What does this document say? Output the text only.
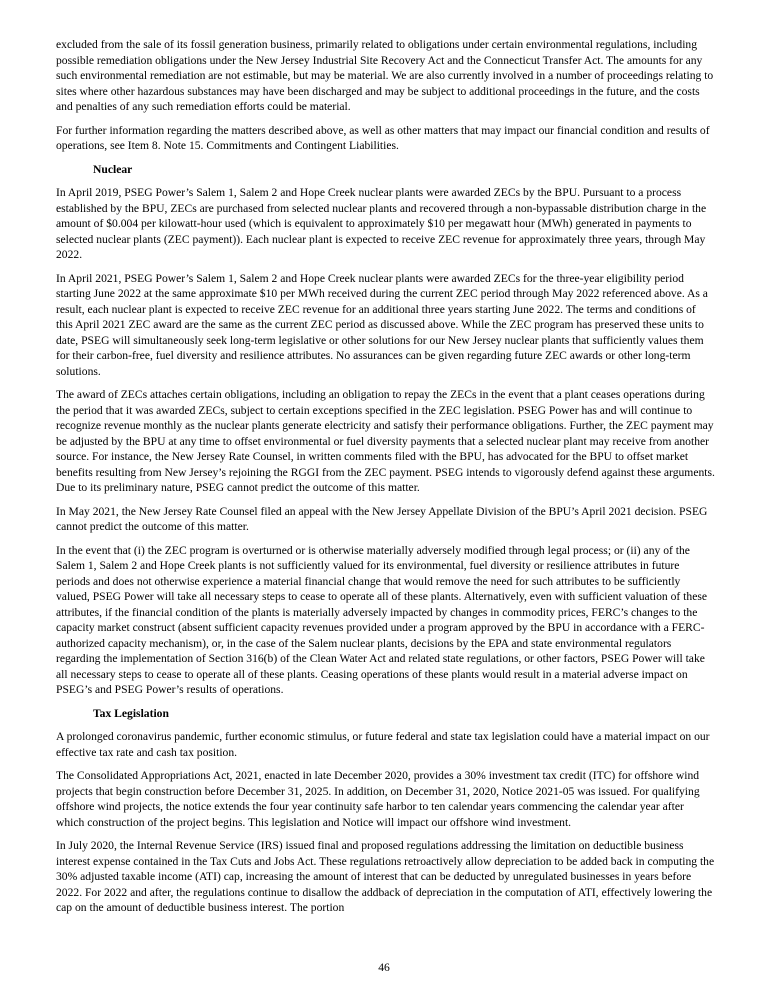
excluded from the sale of its fossil generation business, primarily related to obligations under certain environmental regulations, including possible remediation obligations under the New Jersey Industrial Site Recovery Act and the Connecticut Transfer Act. The amounts for any such environmental remediation are not estimable, but may be material. We are also currently involved in a number of proceedings relating to sites where other hazardous substances may have been discharged and may be subject to additional proceedings in the future, and the costs and penalties of any such remediation efforts could be material.

For further information regarding the matters described above, as well as other matters that may impact our financial condition and results of operations, see Item 8. Note 15. Commitments and Contingent Liabilities.

Nuclear

In April 2019, PSEG Power’s Salem 1, Salem 2 and Hope Creek nuclear plants were awarded ZECs by the BPU. Pursuant to a process established by the BPU, ZECs are purchased from selected nuclear plants and recovered through a non-bypassable distribution charge in the amount of $0.004 per kilowatt-hour used (which is equivalent to approximately $10 per megawatt hour (MWh) generated in payments to selected nuclear plants (ZEC payment)). Each nuclear plant is expected to receive ZEC revenue for approximately three years, through May 2022.

In April 2021, PSEG Power’s Salem 1, Salem 2 and Hope Creek nuclear plants were awarded ZECs for the three-year eligibility period starting June 2022 at the same approximate $10 per MWh received during the current ZEC period through May 2022 referenced above. As a result, each nuclear plant is expected to receive ZEC revenue for an additional three years starting June 2022. The terms and conditions of this April 2021 ZEC award are the same as the current ZEC period as discussed above. While the ZEC program has preserved these units to date, PSEG will simultaneously seek long-term legislative or other solutions for our New Jersey nuclear plants that sufficiently values them for their carbon-free, fuel diversity and resilience attributes. No assurances can be given regarding future ZEC awards or other long-term solutions.

The award of ZECs attaches certain obligations, including an obligation to repay the ZECs in the event that a plant ceases operations during the period that it was awarded ZECs, subject to certain exceptions specified in the ZEC legislation. PSEG Power has and will continue to recognize revenue monthly as the nuclear plants generate electricity and satisfy their performance obligations. Further, the ZEC payment may be adjusted by the BPU at any time to offset environmental or fuel diversity payments that a selected nuclear plant may receive from another source. For instance, the New Jersey Rate Counsel, in written comments filed with the BPU, has advocated for the BPU to offset market benefits resulting from New Jersey’s rejoining the RGGI from the ZEC payment. PSEG intends to vigorously defend against these arguments. Due to its preliminary nature, PSEG cannot predict the outcome of this matter.

In May 2021, the New Jersey Rate Counsel filed an appeal with the New Jersey Appellate Division of the BPU’s April 2021 decision. PSEG cannot predict the outcome of this matter.

In the event that (i) the ZEC program is overturned or is otherwise materially adversely modified through legal process; or (ii) any of the Salem 1, Salem 2 and Hope Creek plants is not sufficiently valued for its environmental, fuel diversity or resilience attributes in future periods and does not otherwise experience a material financial change that would remove the need for such attributes to be sufficiently valued, PSEG Power will take all necessary steps to cease to operate all of these plants. Alternatively, even with sufficient valuation of these attributes, if the financial condition of the plants is materially adversely impacted by changes in commodity prices, FERC’s changes to the capacity market construct (absent sufficient capacity revenues provided under a program approved by the BPU in accordance with a FERC-authorized capacity mechanism), or, in the case of the Salem nuclear plants, decisions by the EPA and state environmental regulators regarding the implementation of Section 316(b) of the Clean Water Act and related state regulations, or other factors, PSEG Power will take all necessary steps to cease to operate all of these plants. Ceasing operations of these plants would result in a material adverse impact on PSEG’s and PSEG Power’s results of operations.

Tax Legislation

A prolonged coronavirus pandemic, further economic stimulus, or future federal and state tax legislation could have a material impact on our effective tax rate and cash tax position.

The Consolidated Appropriations Act, 2021, enacted in late December 2020, provides a 30% investment tax credit (ITC) for offshore wind projects that begin construction before December 31, 2025. In addition, on December 31, 2020, Notice 2021-05 was issued. For qualifying offshore wind projects, the notice extends the four year continuity safe harbor to ten calendar years commencing the calendar year after which construction of the project begins. This legislation and Notice will impact our offshore wind investment.

In July 2020, the Internal Revenue Service (IRS) issued final and proposed regulations addressing the limitation on deductible business interest expense contained in the Tax Cuts and Jobs Act. These regulations retroactively allow depreciation to be added back in computing the 30% adjusted taxable income (ATI) cap, increasing the amount of interest that can be deducted by unregulated businesses in years before 2022. For 2022 and after, the regulations continue to disallow the addback of depreciation in the computation of ATI, effectively lowering the cap on the amount of deductible business interest. The portion

46
